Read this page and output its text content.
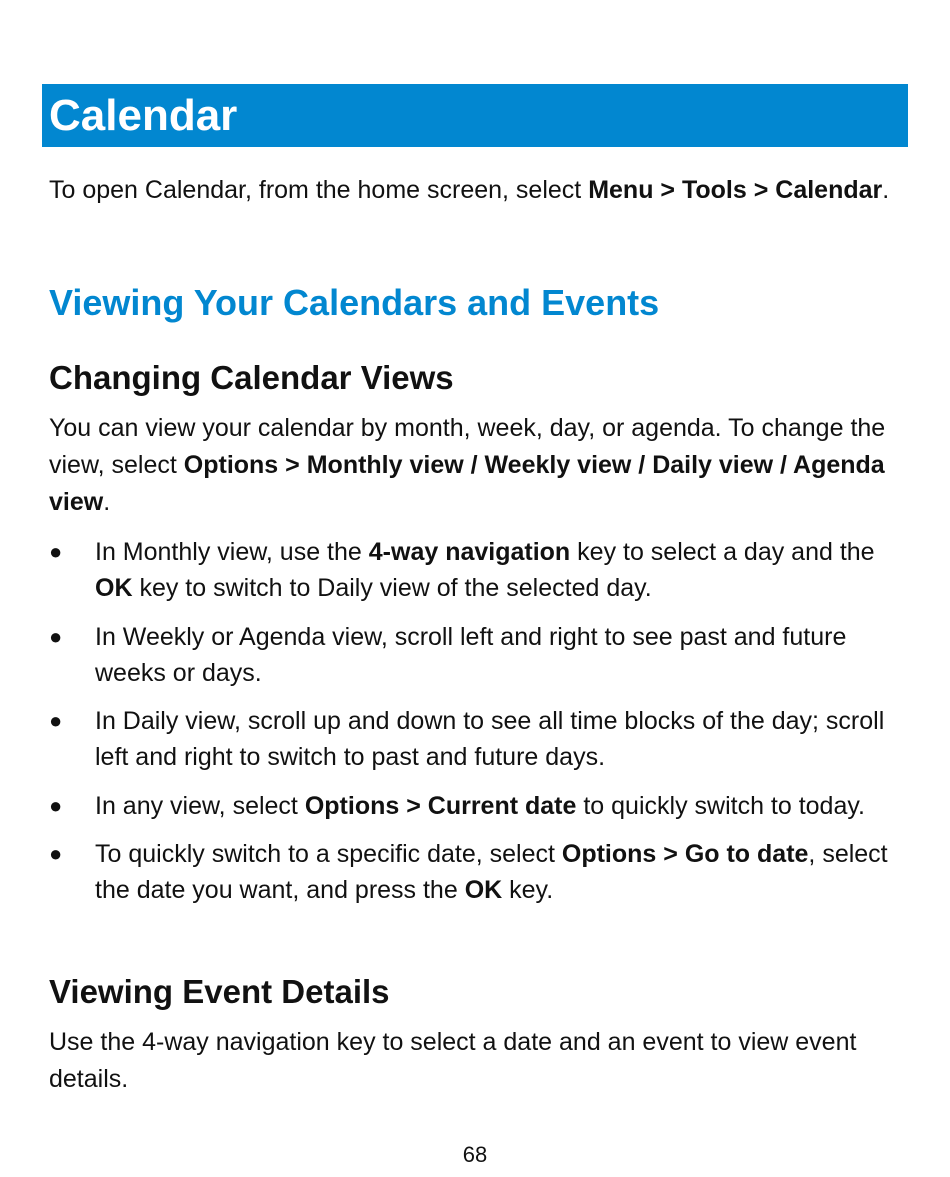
Calendar

To open Calendar, from the home screen, select Menu > Tools > Calendar.

Viewing Your Calendars and Events
Changing Calendar Views

You can view your calendar by month, week, day, or agenda. To change the view, select Options > Monthly view / Weekly view / Daily view / Agenda view.

● In Monthly view, use the 4-way navigation key to select a day and the OK key to switch to Daily view of the selected day.
● In Weekly or Agenda view, scroll left and right to see past and future weeks or days.
● In Daily view, scroll up and down to see all time blocks of the day; scroll left and right to switch to past and future days.
● In any view, select Options > Current date to quickly switch to today.
● To quickly switch to a specific date, select Options > Go to date, select the date you want, and press the OK key.
Viewing Event Details

Use the 4-way navigation key to select a date and an event to view event details.

68
